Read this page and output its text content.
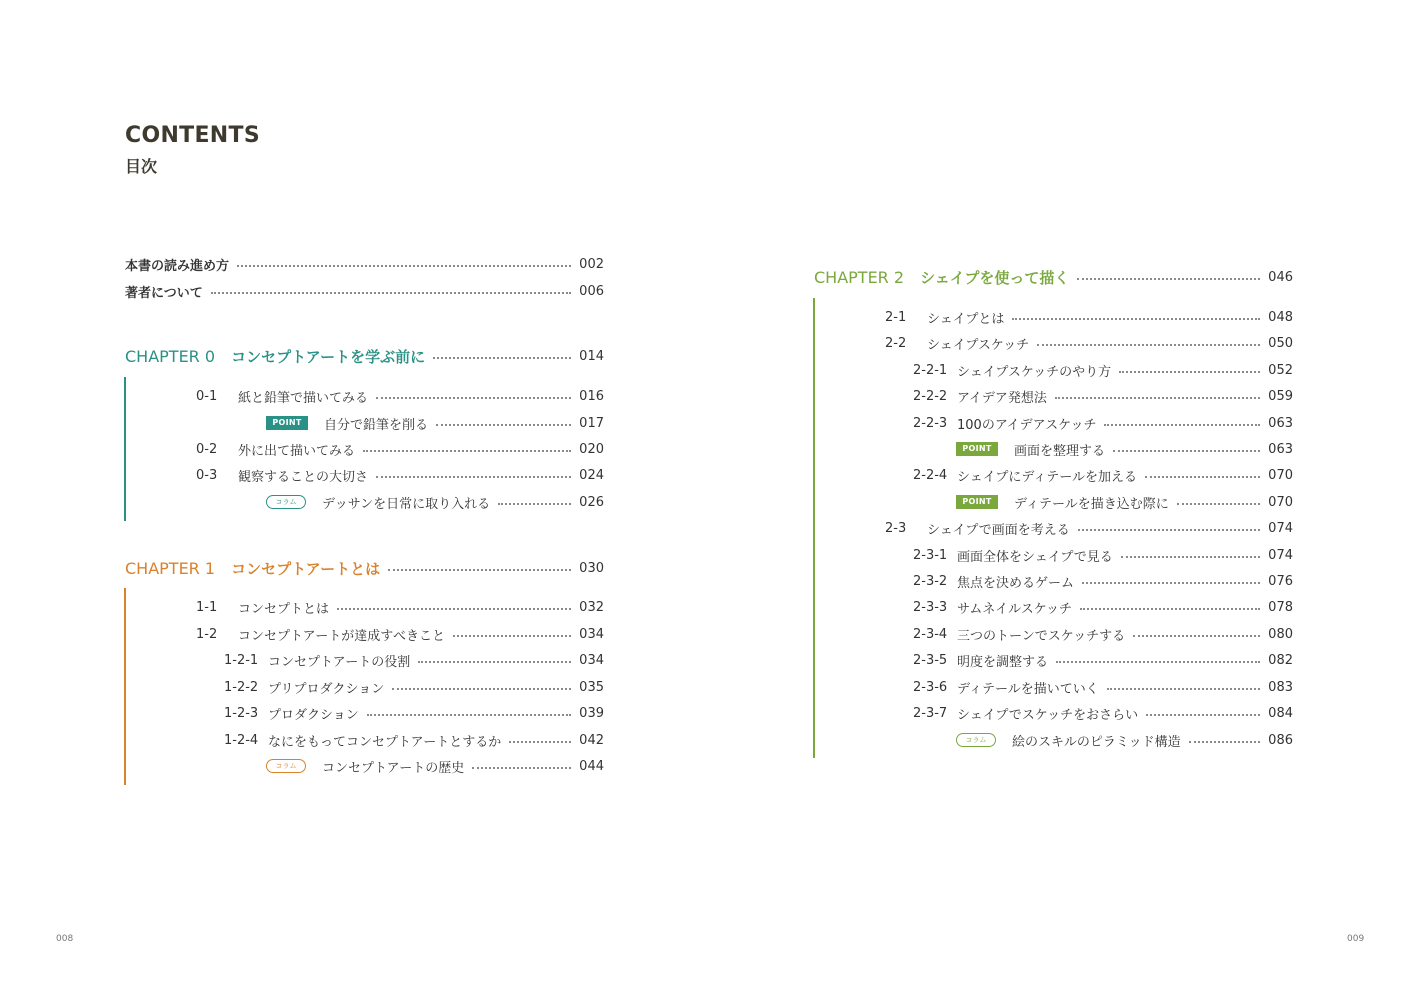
CONTENTS
目次
本書の読み進め方	002
著者について	006
CHAPTER 0 コンセプトアートを学ぶ前に	014
0-1	紙と鉛筆で描いてみる	016
POINT	自分で鉛筆を削る	017
0-2	外に出て描いてみる	020
0-3	観察することの大切さ	024
コラム	デッサンを日常に取り入れる	026
CHAPTER 1 コンセプトアートとは	030
1-1	コンセプトとは	032
1-2	コンセプトアートが達成すべきこと	034
1-2-1 コンセプトアートの役割	034
1-2-2 プリプロダクション	035
1-2-3 プロダクション	039
1-2-4 なにをもってコンセプトアートとするか	042
コラム	コンセプトアートの歴史	044
CHAPTER 2 シェイプを使って描く	046
2-1	シェイプとは	048
2-2	シェイプスケッチ	050
2-2-1 シェイプスケッチのやり方	052
2-2-2 アイデア発想法	059
2-2-3 100のアイデアスケッチ	063
POINT	画面を整理する	063
2-2-4 シェイプにディテールを加える	070
POINT	ディテールを描き込む際に	070
2-3	シェイプで画面を考える	074
2-3-1 画面全体をシェイプで見る	074
2-3-2 焦点を決めるゲーム	076
2-3-3 サムネイルスケッチ	078
2-3-4 三つのトーンでスケッチする	080
2-3-5 明度を調整する	082
2-3-6 ディテールを描いていく	083
2-3-7 シェイプでスケッチをおさらい	084
コラム	絵のスキルのピラミッド構造	086
008	009
